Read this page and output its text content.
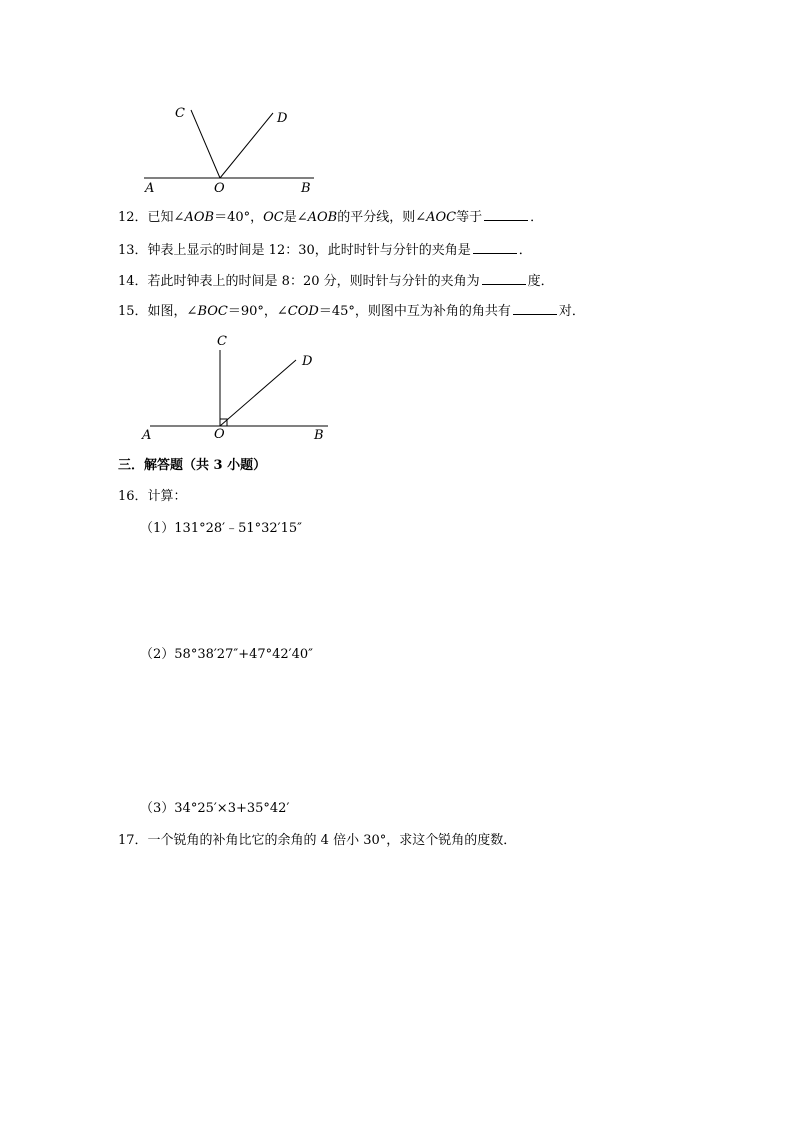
C	D
A	O	B
12．已知∠AOB＝40°，OC是∠AOB的平分线，则∠AOC等于	．
13．钟表上显示的时间是 12：30，此时时针与分针的夹角是	．
14．若此时钟表上的时间是 8：20 分，则时针与分针的夹角为	度．
15．如图，∠BOC＝90°，∠COD＝45°，则图中互为补角的角共有	对．
C
D
A	O	B
三．解答题（共 3 小题）
16．计算：
（1）131°28′﹣51°32′15″
（2）58°38′27″+47°42′40″
（3）34°25′×3+35°42′
17．一个锐角的补角比它的余角的 4 倍小 30°，求这个锐角的度数．
